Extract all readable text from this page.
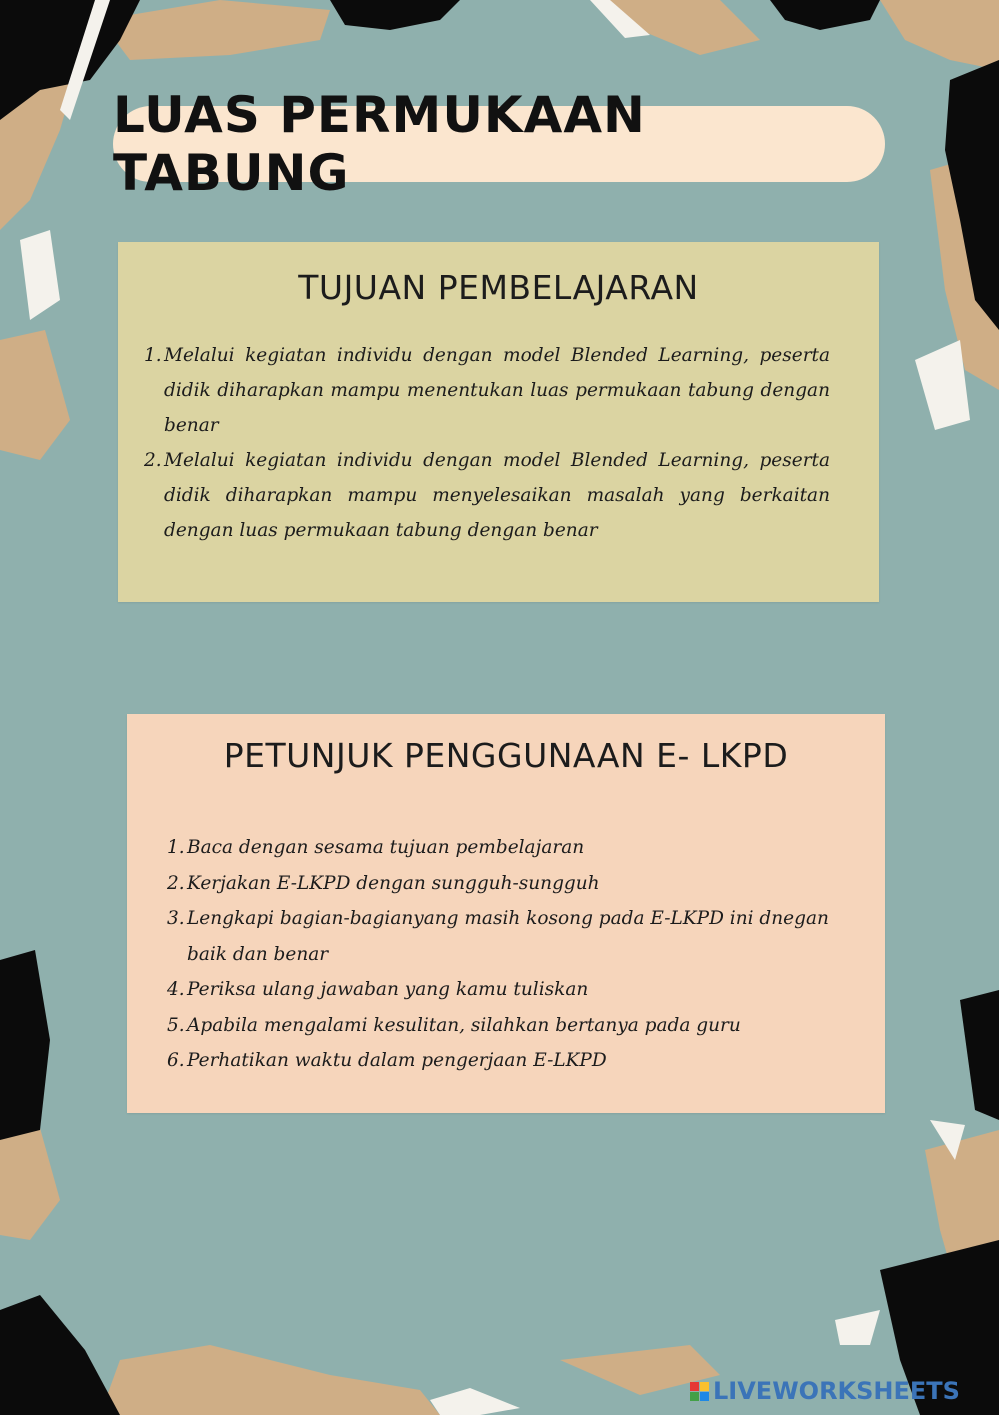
LUAS PERMUKAAN TABUNG
TUJUAN PEMBELAJARAN
1. Melalui kegiatan individu dengan model Blended Learning, peserta didik diharapkan mampu menentukan luas permukaan tabung dengan benar
2. Melalui kegiatan individu dengan model Blended Learning, peserta didik diharapkan mampu menyelesaikan masalah yang berkaitan dengan luas permukaan tabung dengan benar
PETUNJUK PENGGUNAAN E- LKPD
1. Baca dengan sesama tujuan pembelajaran
2. Kerjakan E-LKPD dengan sungguh-sungguh
3. Lengkapi bagian-bagianyang masih kosong pada E-LKPD ini dnegan baik dan benar
4. Periksa ulang jawaban yang kamu tuliskan
5. Apabila mengalami kesulitan, silahkan bertanya pada guru
6. Perhatikan waktu dalam pengerjaan E-LKPD
LIVEWORKSHEETS
